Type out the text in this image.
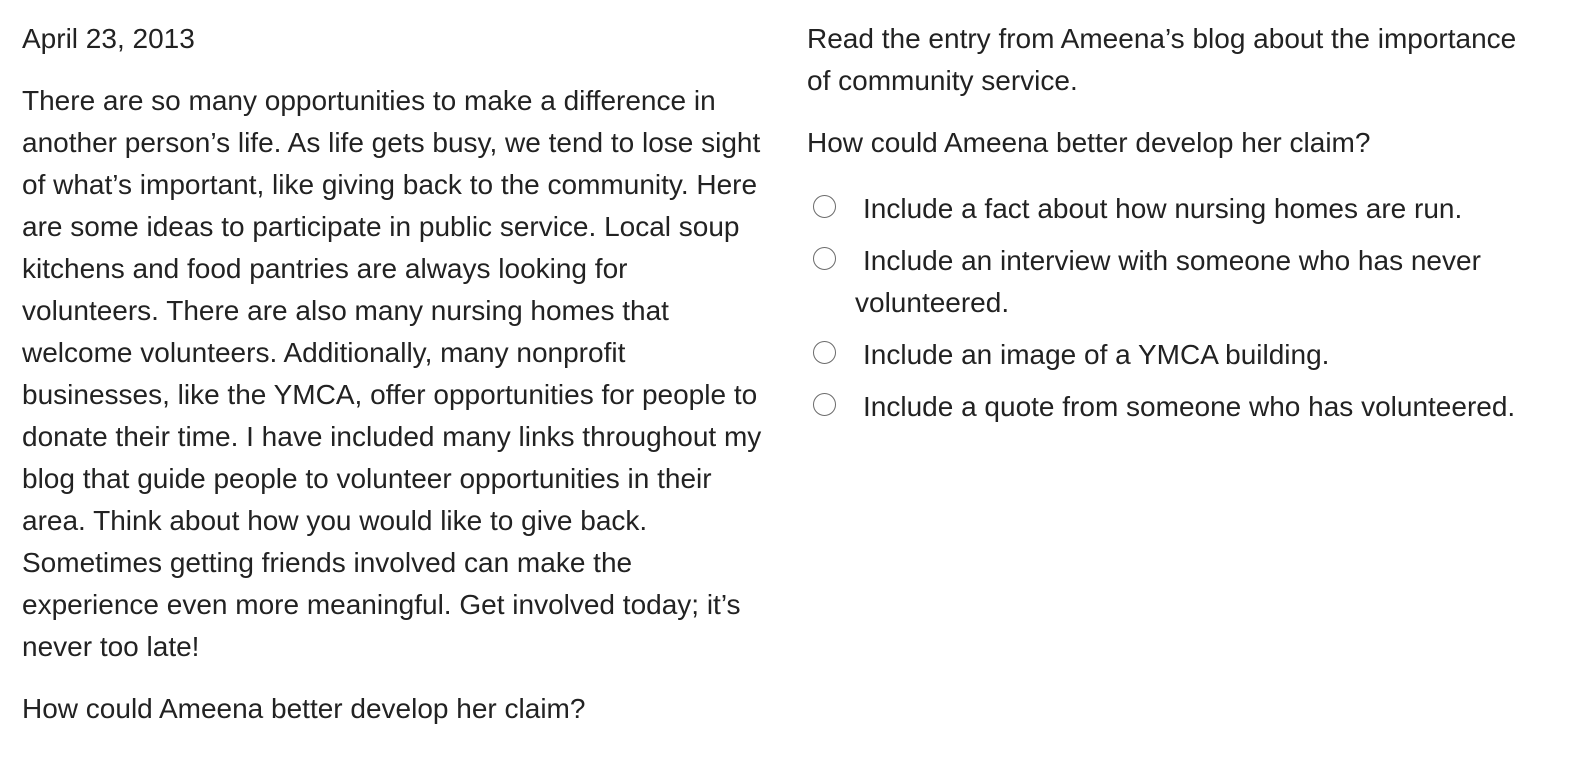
April 23, 2013
There are so many opportunities to make a difference in another person’s life. As life gets busy, we tend to lose sight of what’s important, like giving back to the community. Here are some ideas to participate in public service. Local soup kitchens and food pantries are always looking for volunteers. There are also many nursing homes that welcome volunteers. Additionally, many nonprofit businesses, like the YMCA, offer opportunities for people to donate their time. I have included many links throughout my blog that guide people to volunteer opportunities in their area. Think about how you would like to give back. Sometimes getting friends involved can make the experience even more meaningful. Get involved today; it’s never too late!
How could Ameena better develop her claim?
Read the entry from Ameena’s blog about the importance of community service.
How could Ameena better develop her claim?
Include a fact about how nursing homes are run.
Include an interview with someone who has never volunteered.
Include an image of a YMCA building.
Include a quote from someone who has volunteered.
